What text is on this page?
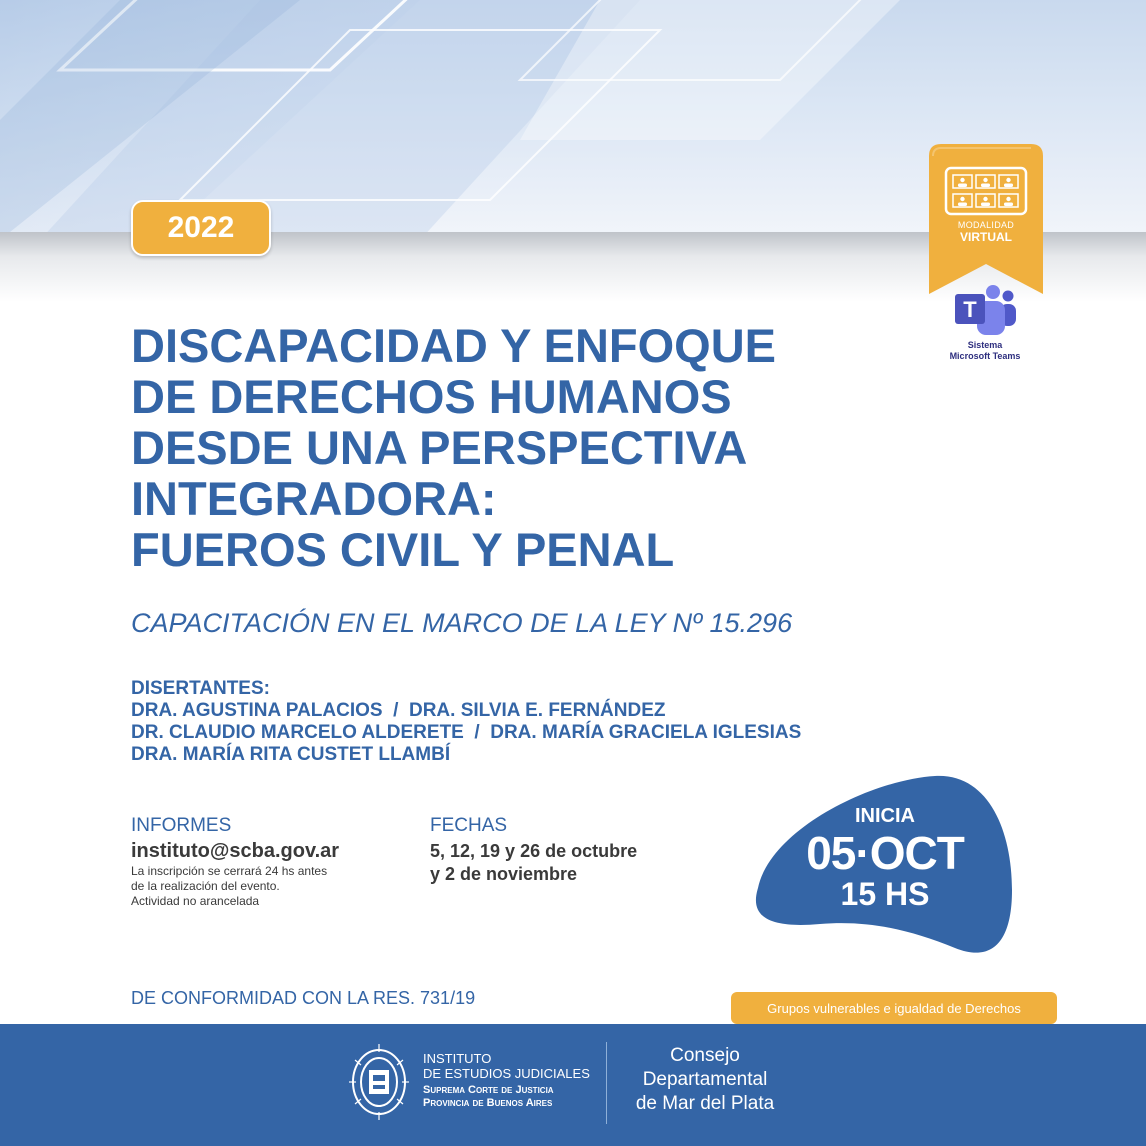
2022	MODALIDAD
VIRTUAL
T
Sistema
Microsoft Teams
DISCAPACIDAD Y ENFOQUE
DE DERECHOS HUMANOS
DESDE UNA PERSPECTIVA
INTEGRADORA:
FUEROS CIVIL Y PENAL
CAPACITACIÓN EN EL MARCO DE LA LEY Nº 15.296
DISERTANTES:
DRA. AGUSTINA PALACIOS  /  DRA. SILVIA E. FERNÁNDEZ
DR. CLAUDIO MARCELO ALDERETE  /  DRA. MARÍA GRACIELA IGLESIAS
DRA. MARÍA RITA CUSTET LLAMBÍ
INFORMES
instituto@scba.gov.ar
La inscripción se cerrará 24 hs antes
de la realización del evento.
Actividad no arancelada
FECHAS
5, 12, 19 y 26 de octubre
y 2 de noviembre
INICIA
05·OCT
15 HS
DE CONFORMIDAD CON LA RES. 731/19
Grupos vulnerables e igualdad de Derechos
INSTITUTO
DE ESTUDIOS JUDICIALES
Suprema Corte de Justicia
Provincia de Buenos Aires
Consejo
Departamental
de Mar del Plata
